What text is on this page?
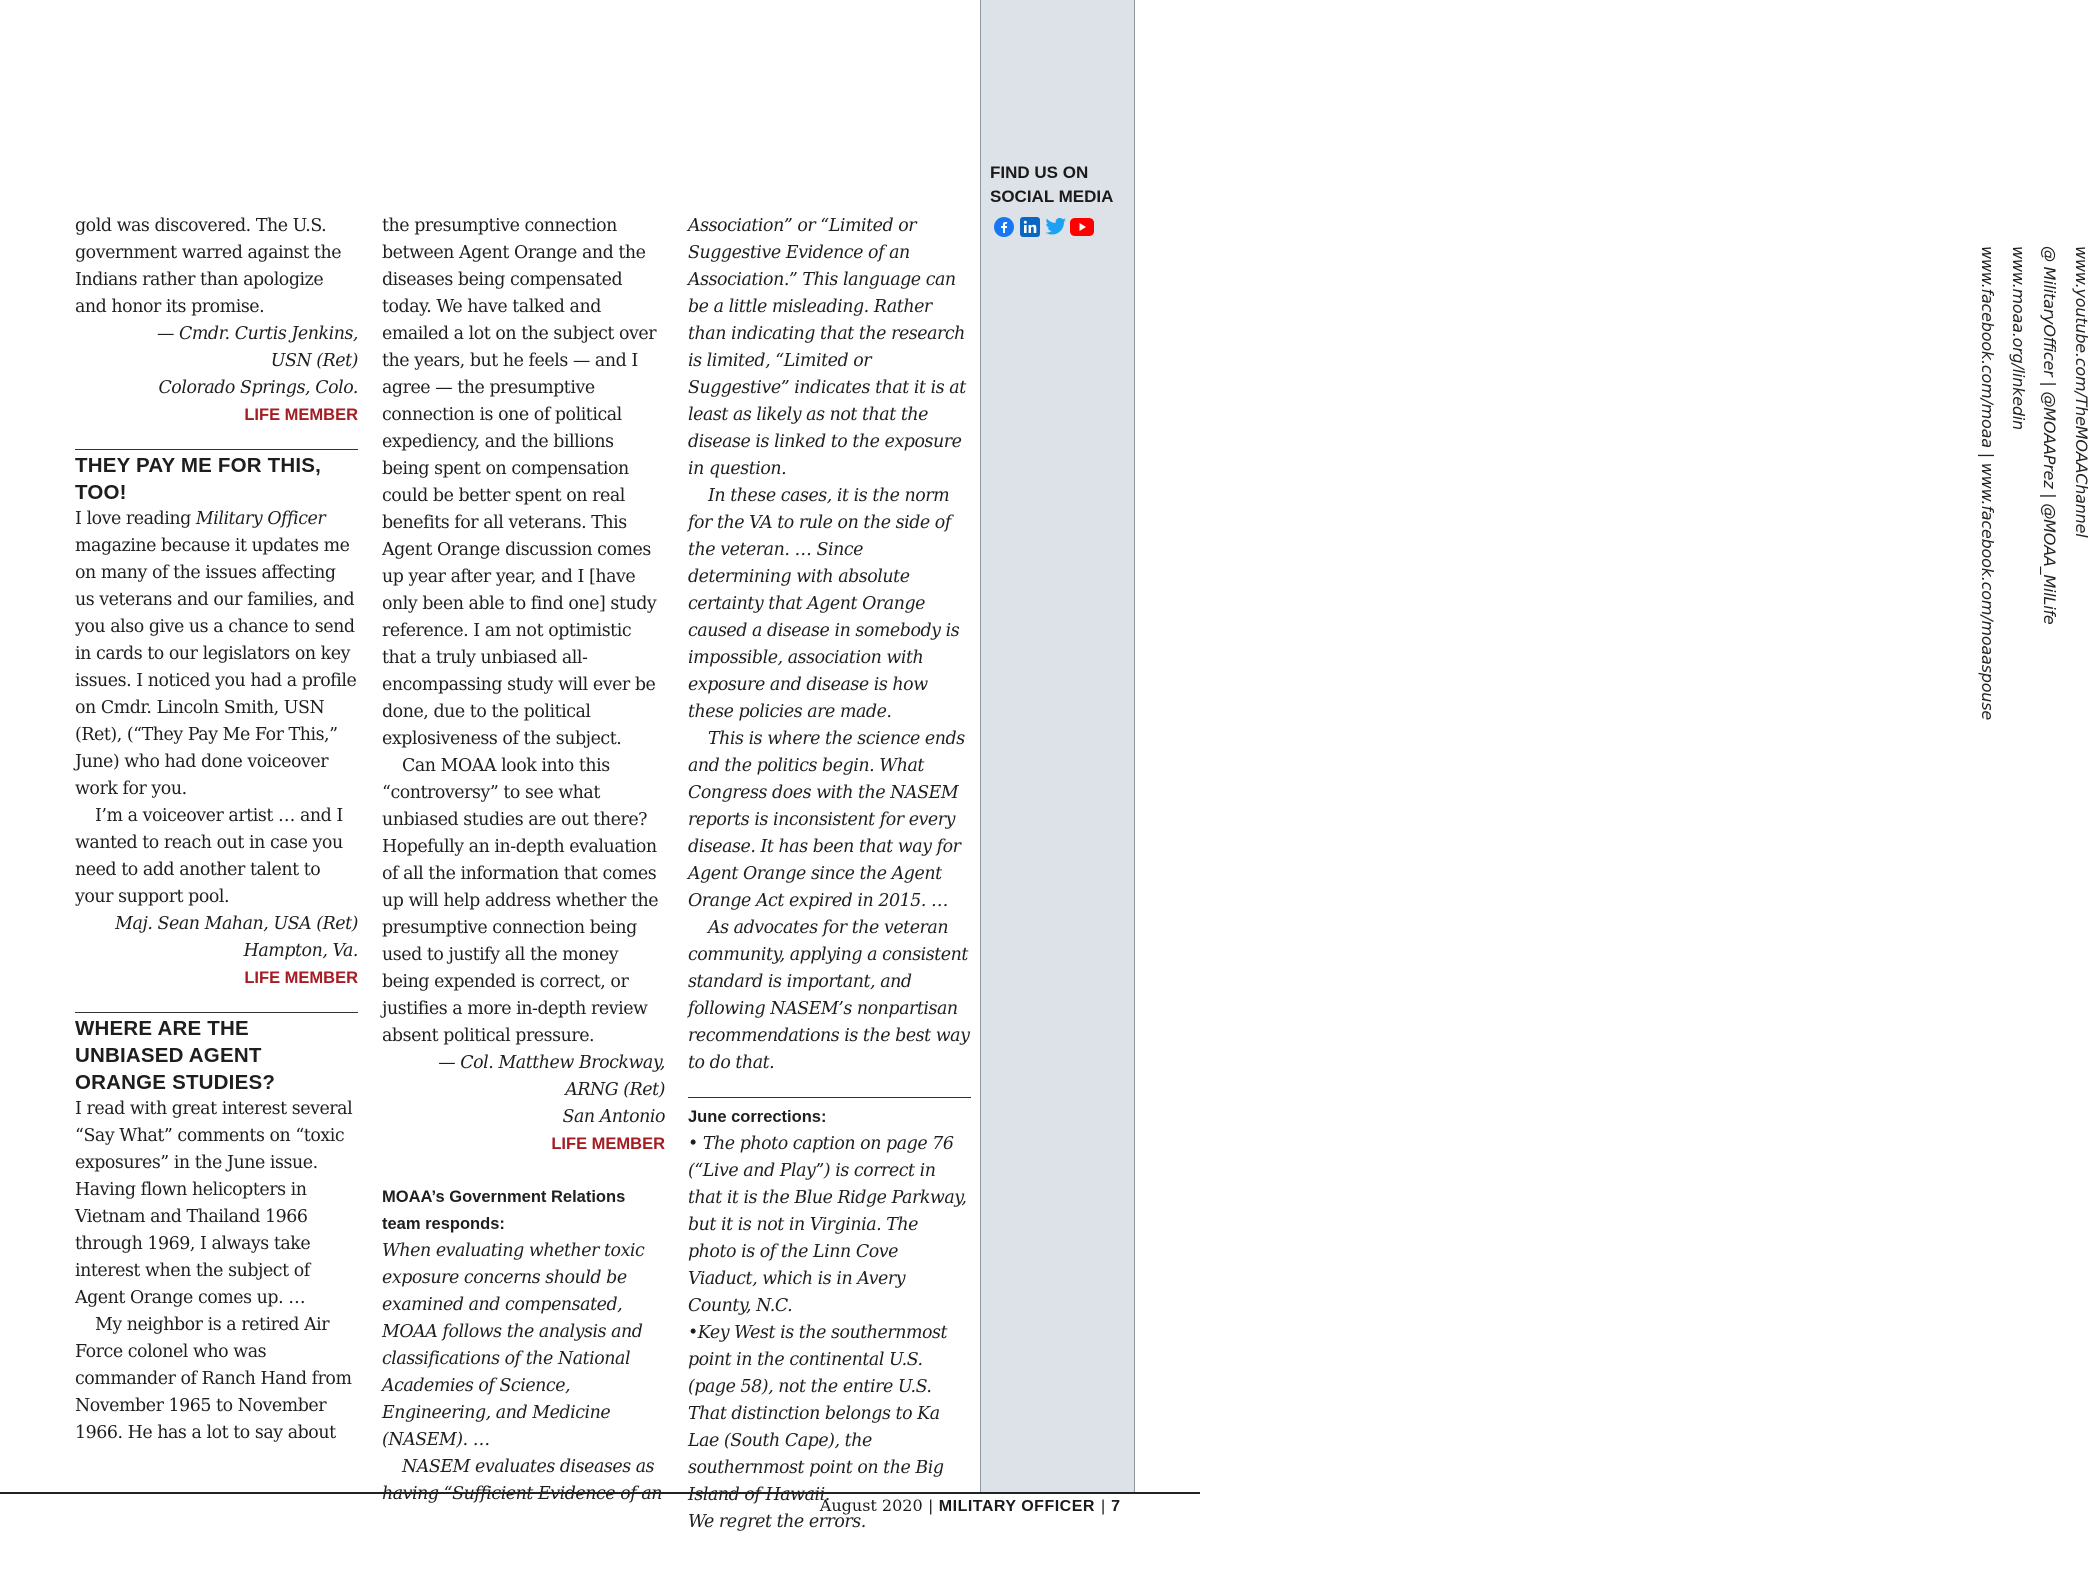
gold was discovered. The U.S. government warred against the Indians rather than apologize and honor its promise.

— Cmdr. Curtis Jenkins,

USN (Ret)

Colorado Springs, Colo.

LIFE MEMBER

THEY PAY ME FOR THIS, TOO!

I love reading Military Officer magazine because it updates me on many of the issues affecting us veterans and our families, and you also give us a chance to send in cards to our legislators on key issues. I noticed you had a profile on Cmdr. Lincoln Smith, USN (Ret), (“They Pay Me For This,” June) who had done voiceover work for you.

I’m a voiceover artist … and I wanted to reach out in case you need to add another talent to your support pool.

Maj. Sean Mahan, USA (Ret)

Hampton, Va.

LIFE MEMBER

WHERE ARE THE UNBIASED AGENT ORANGE STUDIES?

I read with great interest several “Say What” comments on “toxic exposures” in the June issue. Having flown helicopters in Vietnam and Thailand 1966 through 1969, I always take interest when the subject of Agent Orange comes up. …

My neighbor is a retired Air Force colonel who was commander of Ranch Hand from November 1965 to November 1966. He has a lot to say about

the presumptive connection between Agent Orange and the diseases being compensated today. We have talked and emailed a lot on the subject over the years, but he feels — and I agree — the presumptive connection is one of political expediency, and the billions being spent on compensation could be better spent on real benefits for all veterans. This Agent Orange discussion comes up year after year, and I [have only been able to find one] study reference. I am not optimistic that a truly unbiased all-encompassing study will ever be done, due to the political explosiveness of the subject.

Can MOAA look into this “controversy” to see what unbiased studies are out there? Hopefully an in-depth evaluation of all the information that comes up will help address whether the presumptive connection being used to justify all the money being expended is correct, or justifies a more in-depth review absent political pressure.

— Col. Matthew Brockway,

ARNG (Ret)

San Antonio

LIFE MEMBER

MOAA’s Government Relations team responds:

When evaluating whether toxic exposure concerns should be examined and compensated, MOAA follows the analysis and classifications of the National Academies of Science, Engineering, and Medicine (NASEM). …

NASEM evaluates diseases as having “Sufficient Evidence of an

Association” or “Limited or Suggestive Evidence of an Association.” This language can be a little misleading. Rather than indicating that the research is limited, “Limited or Suggestive” indicates that it is at least as likely as not that the disease is linked to the exposure in question.

In these cases, it is the norm for the VA to rule on the side of the veteran. … Since determining with absolute certainty that Agent Orange caused a disease in somebody is impossible, association with exposure and disease is how these policies are made.

This is where the science ends and the politics begin. What Congress does with the NASEM reports is inconsistent for every disease. It has been that way for Agent Orange since the Agent Orange Act expired in 2015. …

As advocates for the veteran community, applying a consistent standard is important, and following NASEM’s nonpartisan recommendations is the best way to do that.

June corrections:

• The photo caption on page 76 (“Live and Play”) is correct in that it is the Blue Ridge Parkway, but it is not in Virginia. The photo is of the Linn Cove Viaduct, which is in Avery County, N.C.

•Key West is the southernmost point in the continental U.S. (page 58), not the entire U.S. That distinction belongs to Ka Lae (South Cape), the southernmost point on the Big Island of Hawaii.

We regret the errors.

FIND US ON SOCIAL MEDIA
www.youtube.com/TheMOAAChannel
@ MilitaryOfficer | @MOAAPrez | @MOAA_MilLife
www.moaa.org/linkedin
www.facebook.com/moaa | www.facebook.com/moaaspouse
August 2020 | MILITARY OFFICER | 7
